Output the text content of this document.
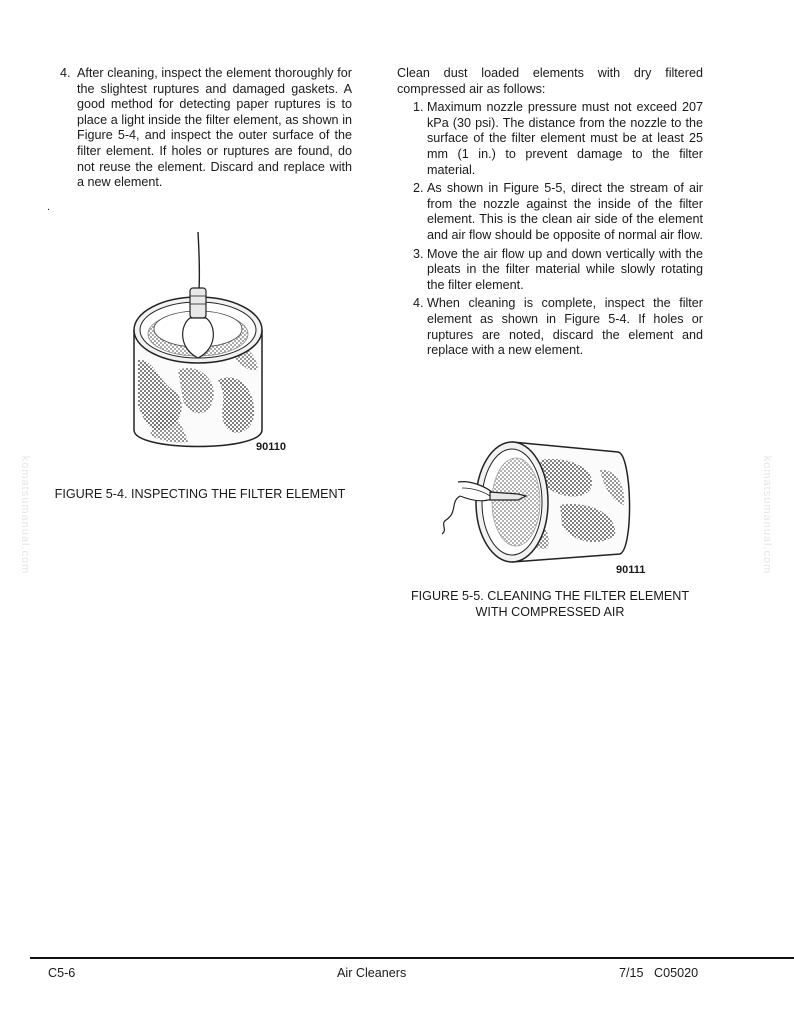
4. After cleaning, inspect the element thoroughly for the slightest ruptures and damaged gaskets. A good method for detecting paper ruptures is to place a light inside the filter element, as shown in Figure 5-4, and inspect the outer surface of the filter element. If holes or ruptures are found, do not reuse the element. Discard and replace with a new element.
.
Clean dust loaded elements with dry filtered compressed air as follows:
1. Maximum nozzle pressure must not exceed 207 kPa (30 psi). The distance from the nozzle to the surface of the filter element must be at least 25 mm (1 in.) to prevent damage to the filter material.
2. As shown in Figure 5-5, direct the stream of air from the nozzle against the inside of the filter element. This is the clean air side of the element and air flow should be opposite of normal air flow.
3. Move the air flow up and down vertically with the pleats in the filter material while slowly rotating the filter element.
4. When cleaning is complete, inspect the filter element as shown in Figure 5-4. If holes or ruptures are noted, discard the element and replace with a new element.
90110
FIGURE 5-4. INSPECTING THE FILTER ELEMENT
90111
FIGURE 5-5. CLEANING THE FILTER ELEMENT
WITH COMPRESSED AIR
komatsumanual.com	komatsumanual.com
C5-6	Air Cleaners	7/15   C05020
